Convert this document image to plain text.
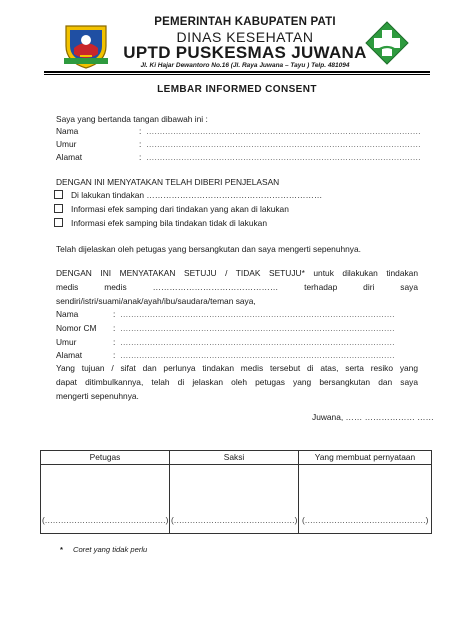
PEMERINTAH KABUPATEN PATI
DINAS KESEHATAN
UPTD PUSKESMAS JUWANA
Jl. Ki Hajar Dewantoro No.16 (Jl. Raya Juwana – Tayu ) Telp. 481094
LEMBAR INFORMED CONSENT
Saya yang bertanda tangan dibawah ini :
Nama	: …………………………………………………………………………………………
Umur	: …………………………………………………………………………………………
Alamat	: …………………………………………………………………………………………
DENGAN INI MENYATAKAN TELAH DIBERI PENJELASAN
Di lakukan tindakan ………………………………………………………
Informasi efek samping dari tindakan yang akan di lakukan
Informasi efek samping bila tindakan tidak di lakukan
Telah dijelaskan oleh petugas yang bersangkutan dan saya mengerti sepenuhnya.
DENGAN INI MENYATAKAN SETUJU / TIDAK SETUJU* untuk dilakukan tindakan
medis medis ……………………………………… terhadap diri saya
sendiri/istri/suami/anak/ayah/ibu/saudara/teman saya,
Nama	: …………………………………………………………………………………………
Nomor CM : …………………………………………………………………………………………
Umur	: …………………………………………………………………………………………
Alamat	: …………………………………………………………………………………………
Yang tujuan / sifat dan perlunya tindakan medis tersebut di atas, serta resiko yang
dapat ditimbulkannya, telah di jelaskan oleh petugas yang bersangkutan dan saya
mengerti sepenuhnya.
Juwana, …… ……………… ……
Petugas	Saksi	Yang membuat pernyataan

(………………………………………)	(………………………………………)	(………………………………………)
* Coret yang tidak perlu
